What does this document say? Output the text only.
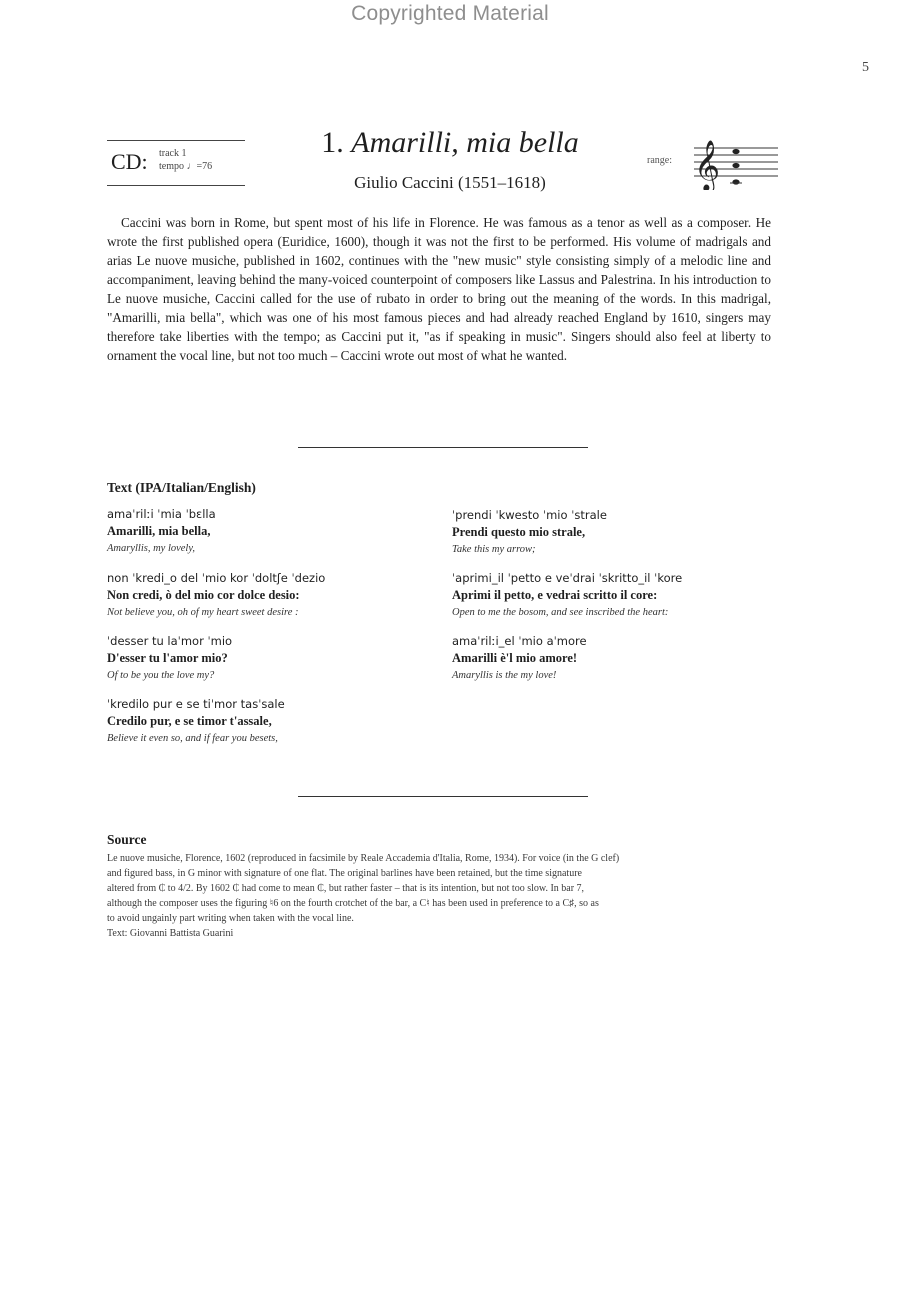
Copyrighted Material
5
CD: track 1
tempo ♩=76
1. Amarilli, mia bella
Giulio Caccini (1551–1618)
range: 𝄞
Caccini was born in Rome, but spent most of his life in Florence. He was famous as a tenor as well as a composer. He wrote the first published opera (Euridice, 1600), though it was not the first to be performed. His volume of madrigals and arias Le nuove musiche, published in 1602, continues with the "new music" style consisting simply of a melodic line and accompaniment, leaving behind the many-voiced counterpoint of composers like Lassus and Palestrina. In his introduction to Le nuove musiche, Caccini called for the use of rubato in order to bring out the meaning of the words. In this madrigal, "Amarilli, mia bella", which was one of his most famous pieces and had already reached England by 1610, singers may therefore take liberties with the tempo; as Caccini put it, "as if speaking in music". Singers should also feel at liberty to ornament the vocal line, but not too much – Caccini wrote out most of what he wanted.
Text (IPA/Italian/English)
amaˈrilːi ˈmia ˈbɛlla
Amarilli, mia bella,
Amaryllis, my lovely,
non ˈkredi_o del ˈmio kor ˈdoltʃe ˈdezio
Non credi, ò del mio cor dolce desio:
Not believe you, oh of my heart sweet desire :
ˈdesser tu laˈmor ˈmio
D'esser tu l'amor mio?
Of to be you the love my?
ˈkredilo pur e se tiˈmor tasˈsale
Credilo pur, e se timor t'assale,
Believe it even so, and if fear you besets,
ˈprendi ˈkwesto ˈmio ˈstrale
Prendi questo mio strale,
Take this my arrow;
ˈaprimi_il ˈpetto e veˈdrai ˈskritto_il ˈkore
Aprimi il petto, e vedrai scritto il core:
Open to me the bosom, and see inscribed the heart:
amaˈrilːi_el ˈmio aˈmore
Amarilli è'l mio amore!
Amaryllis is the my love!
Source
Le nuove musiche, Florence, 1602 (reproduced in facsimile by Reale Accademia d'Italia, Rome, 1934). For voice (in the G clef)
and figured bass, in G minor with signature of one flat. The original barlines have been retained, but the time signature
altered from ₵ to 4/2. By 1602 ₵ had come to mean ₵, but rather faster – that is its intention, but not too slow. In bar 7,
although the composer uses the figuring ♮6 on the fourth crotchet of the bar, a C♮ has been used in preference to a C♯, so as
to avoid ungainly part writing when taken with the vocal line.
Text: Giovanni Battista Guarini
